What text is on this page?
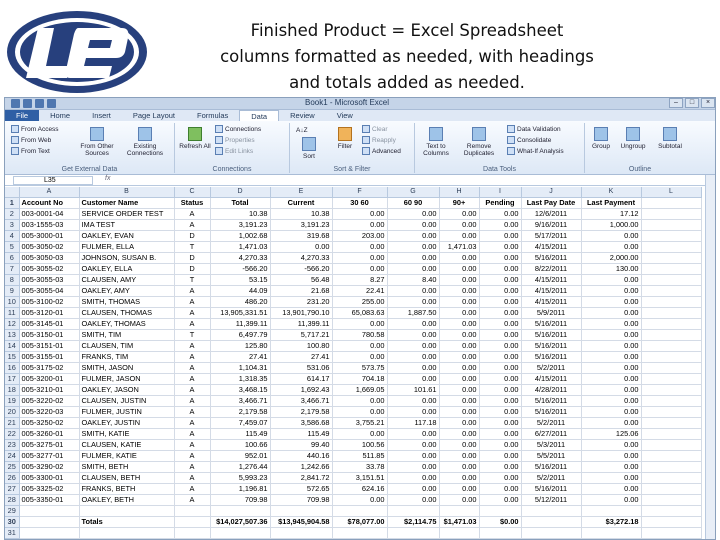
Finished Product = Excel Spreadsheet
columns formatted as needed, with headings
and totals added as needed.
Book1 - Microsoft Excel	–	□	×
File	Home	Insert	Page Layout	Formulas	Data	Review	View
From Access
From Web
From Text
From Other Sources
Existing Connections
Get External Data
Refresh All
Connections
Properties
Edit Links
Connections
A↓Z
Sort
Filter
Clear
Reapply
Advanced
Sort & Filter
Text to Columns
Remove Duplicates
Data Validation
Consolidate
What-If Analysis
Data Tools
Group Ungroup Subtotal
Outline
L35	fx
	A	B	C	D	E	F	G	H	I	J	K	L
1	Account No	Customer Name	Status	Total	Current	30 60	60 90	90+	Pending	Last Pay Date	Last Payment	
2	003-0001-04	SERVICE ORDER TEST	A	10.38	10.38	0.00	0.00	0.00	0.00	12/6/2011	17.12	
3	003-1555-03	IMA TEST	A	3,191.23	3,191.23	0.00	0.00	0.00	0.00	9/16/2011	1,000.00	
4	005-3000-01	OAKLEY, EVAN	D	1,002.68	319.68	203.00	0.00	0.00	0.00	5/17/2011	0.00	
5	005-3050-02	FULMER, ELLA	T	1,471.03	0.00	0.00	0.00	1,471.03	0.00	4/15/2011	0.00	
6	005-3050-03	JOHNSON, SUSAN B.	D	4,270.33	4,270.33	0.00	0.00	0.00	0.00	5/16/2011	2,000.00	
7	005-3055-02	OAKLEY, ELLA	D	-566.20	-566.20	0.00	0.00	0.00	0.00	8/22/2011	130.00	
8	005-3055-03	CLAUSEN, AMY	T	53.15	56.48	8.27	8.40	0.00	0.00	4/15/2011	0.00	
9	005-3055-04	OAKLEY, AMY	A	44.09	21.68	22.41	0.00	0.00	0.00	4/15/2011	0.00	
10	005-3100-02	SMITH, THOMAS	A	486.20	231.20	255.00	0.00	0.00	0.00	4/15/2011	0.00	
11	005-3120-01	CLAUSEN, THOMAS	A	13,905,331.51	13,901,790.10	65,083.63	1,887.50	0.00	0.00	5/9/2011	0.00	
12	005-3145-01	OAKLEY, THOMAS	A	11,399.11	11,399.11	0.00	0.00	0.00	0.00	5/16/2011	0.00	
13	005-3150-01	SMITH, TIM	T	6,497.79	5,717.21	780.58	0.00	0.00	0.00	5/16/2011	0.00	
14	005-3151-01	CLAUSEN, TIM	A	125.80	100.80	0.00	0.00	0.00	0.00	5/16/2011	0.00	
15	005-3155-01	FRANKS, TIM	A	27.41	27.41	0.00	0.00	0.00	0.00	5/16/2011	0.00	
16	005-3175-02	SMITH, JASON	A	1,104.31	531.06	573.75	0.00	0.00	0.00	5/2/2011	0.00	
17	005-3200-01	FULMER, JASON	A	1,318.35	614.17	704.18	0.00	0.00	0.00	4/15/2011	0.00	
18	005-3210-01	OAKLEY, JASON	A	3,468.15	1,692.43	1,669.05	101.61	0.00	0.00	4/28/2011	0.00	
19	005-3220-02	CLAUSEN, JUSTIN	A	3,466.71	3,466.71	0.00	0.00	0.00	0.00	5/16/2011	0.00	
20	005-3220-03	FULMER, JUSTIN	A	2,179.58	2,179.58	0.00	0.00	0.00	0.00	5/16/2011	0.00	
21	005-3250-02	OAKLEY, JUSTIN	A	7,459.07	3,586.68	3,755.21	117.18	0.00	0.00	5/2/2011	0.00	
22	005-3260-01	SMITH, KATIE	A	115.49	115.49	0.00	0.00	0.00	0.00	6/27/2011	125.06	
23	005-3275-01	CLAUSEN, KATIE	A	100.66	99.40	100.56	0.00	0.00	0.00	5/3/2011	0.00	
24	005-3277-01	FULMER, KATIE	A	952.01	440.16	511.85	0.00	0.00	0.00	5/5/2011	0.00	
25	005-3290-02	SMITH, BETH	A	1,276.44	1,242.66	33.78	0.00	0.00	0.00	5/16/2011	0.00	
26	005-3300-01	CLAUSEN, BETH	A	5,993.23	2,841.72	3,151.51	0.00	0.00	0.00	5/2/2011	0.00	
27	005-3325-02	FRANKS, BETH	A	1,196.81	572.65	624.16	0.00	0.00	0.00	5/16/2011	0.00	
28	005-3350-01	OAKLEY, BETH	A	709.98	709.98	0.00	0.00	0.00	0.00	5/12/2011	0.00	
29												
30		Totals		$14,027,507.36	$13,945,904.58	$78,077.00	$2,114.75	$1,471.03	$0.00		$3,272.18	
31												
